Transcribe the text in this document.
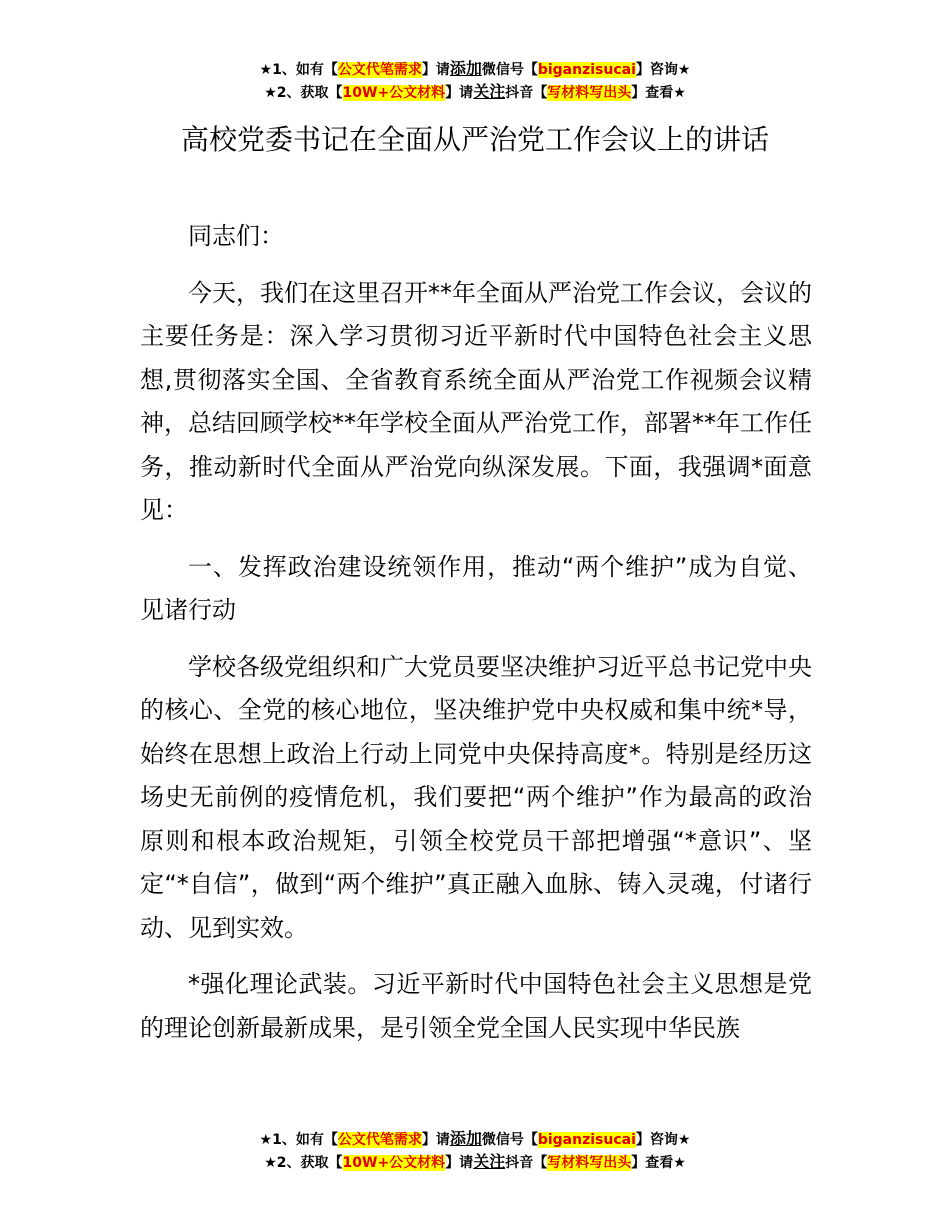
★1、如有【公文代笔需求】请添加微信号【biganzisucai】咨询★
★2、获取【10W+公文材料】请关注抖音【写材料写出头】查看★
高校党委书记在全面从严治党工作会议上的讲话

同志们：

今天，我们在这里召开**年全面从严治党工作会议，会议的主要任务是：深入学习贯彻习近平新时代中国特色社会主义思想,贯彻落实全国、全省教育系统全面从严治党工作视频会议精神，总结回顾学校**年学校全面从严治党工作，部署**年工作任务，推动新时代全面从严治党向纵深发展。下面，我强调*面意见：

一、发挥政治建设统领作用，推动“两个维护”成为自觉、见诸行动

学校各级党组织和广大党员要坚决维护习近平总书记党中央的核心、全党的核心地位，坚决维护党中央权威和集中统*导，始终在思想上政治上行动上同党中央保持高度*。特别是经历这场史无前例的疫情危机，我们要把“两个维护”作为最高的政治原则和根本政治规矩，引领全校党员干部把增强“*意识”、坚定“*自信”，做到“两个维护”真正融入血脉、铸入灵魂，付诸行动、见到实效。

*强化理论武装。习近平新时代中国特色社会主义思想是党的理论创新最新成果，是引领全党全国人民实现中华民族

★1、如有【公文代笔需求】请添加微信号【biganzisucai】咨询★
★2、获取【10W+公文材料】请关注抖音【写材料写出头】查看★
